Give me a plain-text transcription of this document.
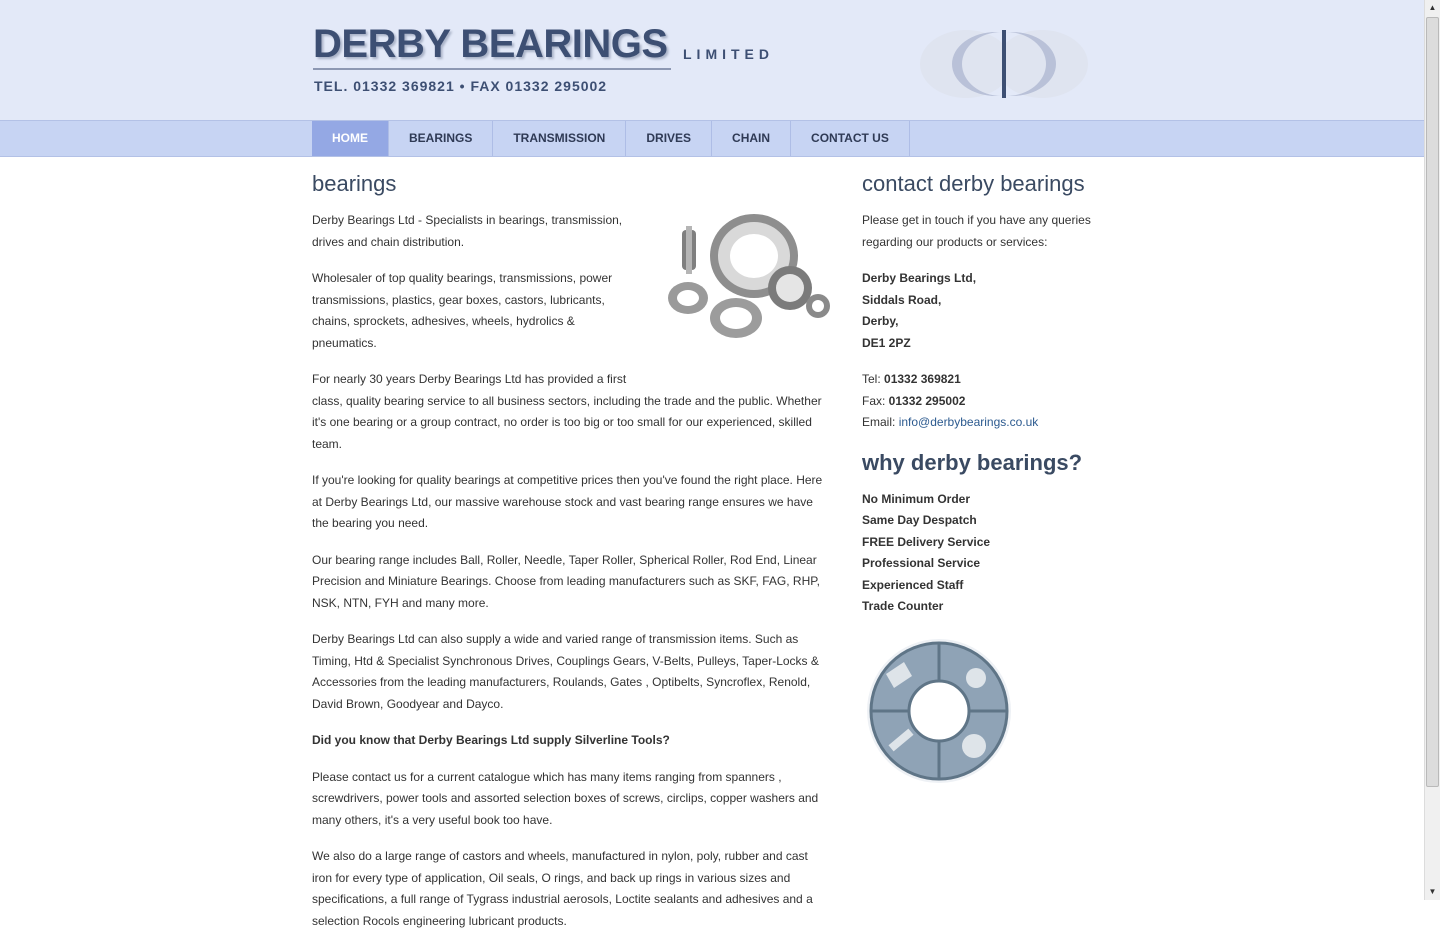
DERBY BEARINGS LIMITED
TEL. 01332 369821 • FAX 01332 295002
HOME	BEARINGS	TRANSMISSION	DRIVES	CHAIN	CONTACT US
bearings

Derby Bearings Ltd - Specialists in bearings, transmission, drives and chain distribution.

Wholesaler of top quality bearings, transmissions, power transmissions, plastics, gear boxes, castors, lubricants, chains, sprockets, adhesives, wheels, hydrolics & pneumatics.

For nearly 30 years Derby Bearings Ltd has provided a first
class, quality bearing service to all business sectors, including the trade and the public. Whether it's one bearing or a group contract, no order is too big or too small for our experienced, skilled team.

If you're looking for quality bearings at competitive prices then you've found the right place. Here at Derby Bearings Ltd, our massive warehouse stock and vast bearing range ensures we have the bearing you need.

Our bearing range includes Ball, Roller, Needle, Taper Roller, Spherical Roller, Rod End, Linear Precision and Miniature Bearings. Choose from leading manufacturers such as SKF, FAG, RHP, NSK, NTN, FYH and many more.

Derby Bearings Ltd can also supply a wide and varied range of transmission items. Such as Timing, Htd & Specialist Synchronous Drives, Couplings Gears, V-Belts, Pulleys, Taper-Locks & Accessories from the leading manufacturers, Roulands, Gates , Optibelts, Syncroflex, Renold, David Brown, Goodyear and Dayco.

Did you know that Derby Bearings Ltd supply Silverline Tools?

Please contact us for a current catalogue which has many items ranging from spanners , screwdrivers, power tools and assorted selection boxes of screws, circlips, copper washers and many others, it's a very useful book too have.

We also do a large range of castors and wheels, manufactured in nylon, poly, rubber and cast iron for every type of application, Oil seals, O rings, and back up rings in various sizes and specifications, a full range of Tygrass industrial aerosols, Loctite sealants and adhesives and a selection Rocols engineering lubricant products.

contact derby bearings

Please get in touch if you have any queries regarding our products or services:

Derby Bearings Ltd,
Siddals Road,
Derby,
DE1 2PZ

Tel: 01332 369821
Fax: 01332 295002
Email: info@derbybearings.co.uk

why derby bearings?
No Minimum Order
Same Day Despatch
FREE Delivery Service
Professional Service
Experienced Staff
Trade Counter
▲
▼
